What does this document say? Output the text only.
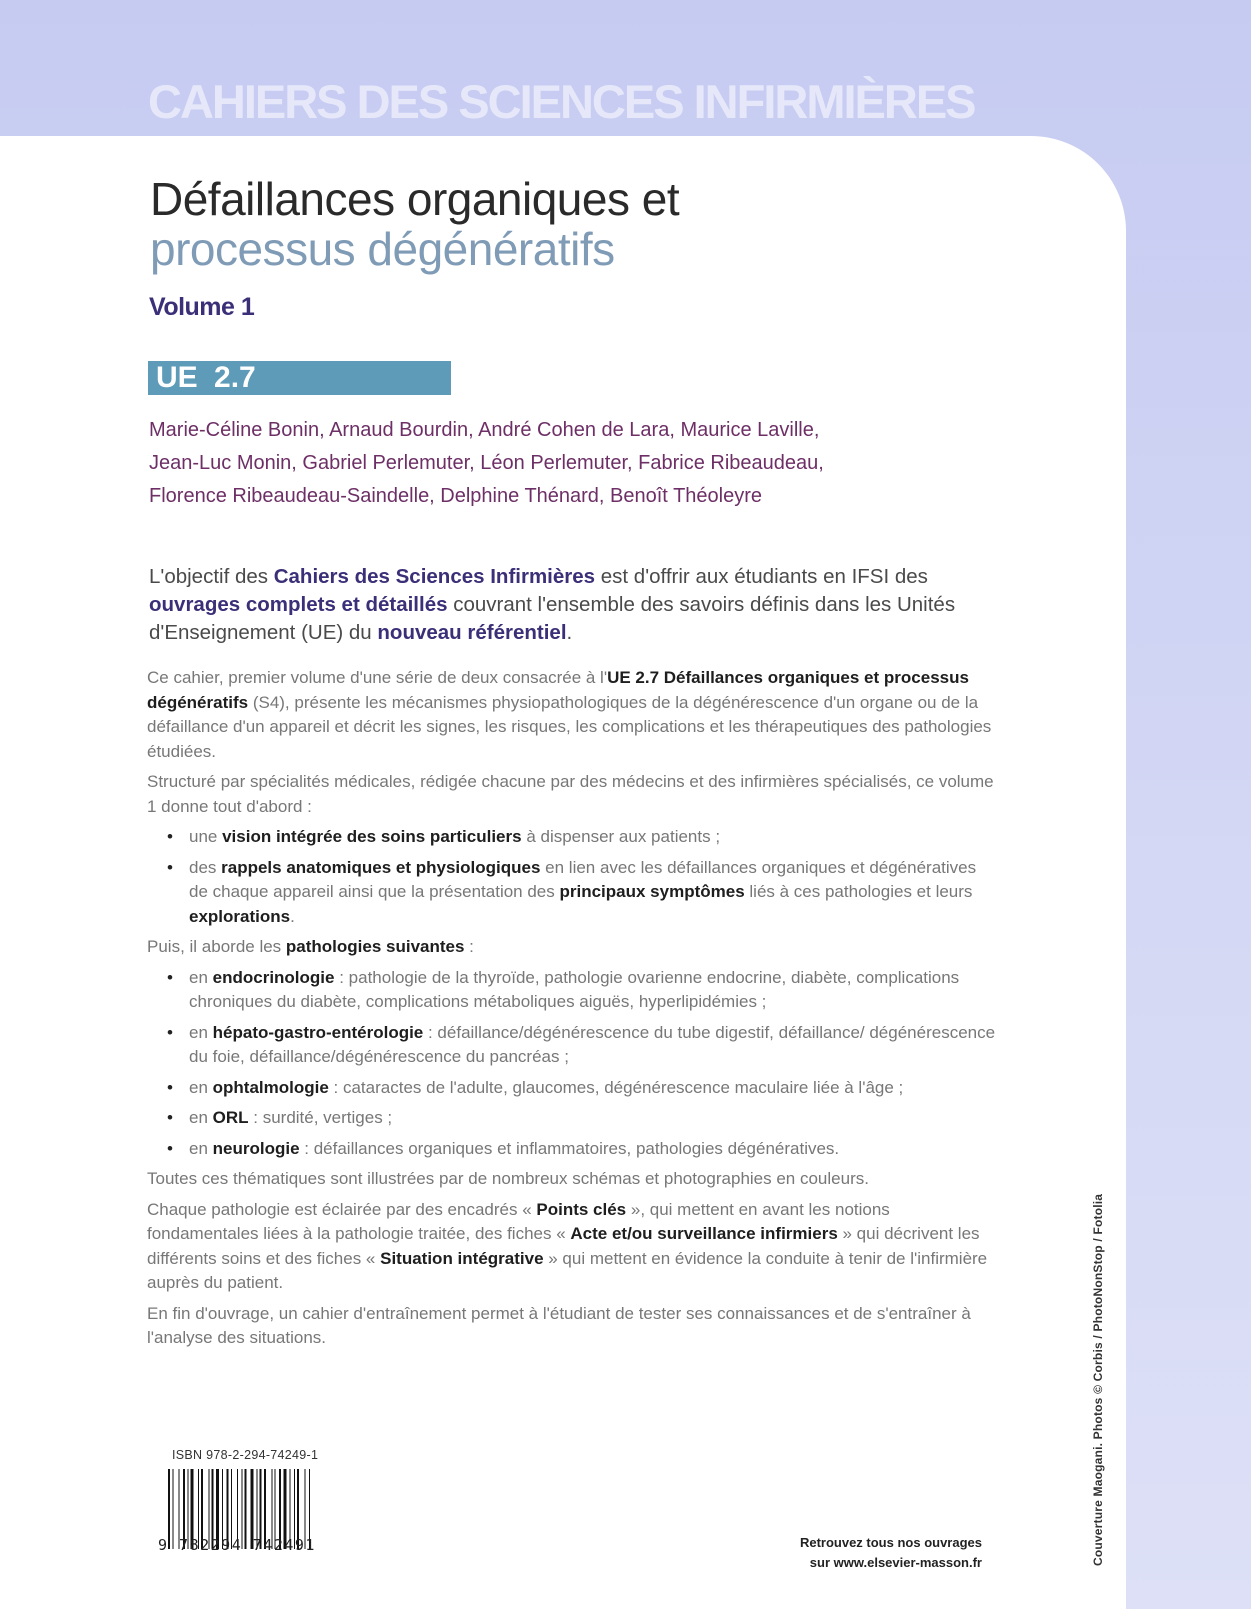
CAHIERS DES SCIENCES INFIRMIÈRES
Défaillances organiques et
processus dégénératifs
Volume 1
UE 2.7
Marie-Céline Bonin, Arnaud Bourdin, André Cohen de Lara, Maurice Laville,
Jean-Luc Monin, Gabriel Perlemuter, Léon Perlemuter, Fabrice Ribeaudeau,
Florence Ribeaudeau-Saindelle, Delphine Thénard, Benoît Théoleyre
L'objectif des Cahiers des Sciences Infirmières est d'offrir aux étudiants en IFSI des ouvrages complets et détaillés couvrant l'ensemble des savoirs définis dans les Unités d'Enseignement (UE) du nouveau référentiel.

Ce cahier, premier volume d'une série de deux consacrée à l'UE 2.7 Défaillances organiques et processus dégénératifs (S4), présente les mécanismes physiopathologiques de la dégénérescence d'un organe ou de la défaillance d'un appareil et décrit les signes, les risques, les complications et les thérapeutiques des pathologies étudiées.

Structuré par spécialités médicales, rédigée chacune par des médecins et des infirmières spécialisés, ce volume 1 donne tout d'abord :

• une vision intégrée des soins particuliers à dispenser aux patients ;
• des rappels anatomiques et physiologiques en lien avec les défaillances organiques et dégénératives de chaque appareil ainsi que la présentation des principaux symptômes liés à ces pathologies et leurs explorations.

Puis, il aborde les pathologies suivantes :

• en endocrinologie : pathologie de la thyroïde, pathologie ovarienne endocrine, diabète, complications chroniques du diabète, complications métaboliques aiguës, hyperlipidémies ;
• en hépato-gastro-entérologie : défaillance/dégénérescence du tube digestif, défaillance/ dégénérescence du foie, défaillance/dégénérescence du pancréas ;
• en ophtalmologie : cataractes de l'adulte, glaucomes, dégénérescence maculaire liée à l'âge ;
• en ORL : surdité, vertiges ;
• en neurologie : défaillances organiques et inflammatoires, pathologies dégénératives.

Toutes ces thématiques sont illustrées par de nombreux schémas et photographies en couleurs.

Chaque pathologie est éclairée par des encadrés « Points clés », qui mettent en avant les notions fondamentales liées à la pathologie traitée, des fiches « Acte et/ou surveillance infirmiers » qui décrivent les différents soins et des fiches « Situation intégrative » qui mettent en évidence la conduite à tenir de l'infirmière auprès du patient.

En fin d'ouvrage, un cahier d'entraînement permet à l'étudiant de tester ses connaissances et de s'entraîner à l'analyse des situations.

ISBN 978-2-294-74249-1
9 782294 742491	Retrouvez tous nos ouvrages
sur www.elsevier-masson.fr	Couverture Maogani. Photos © Corbis / PhotoNonStop / Fotolia
